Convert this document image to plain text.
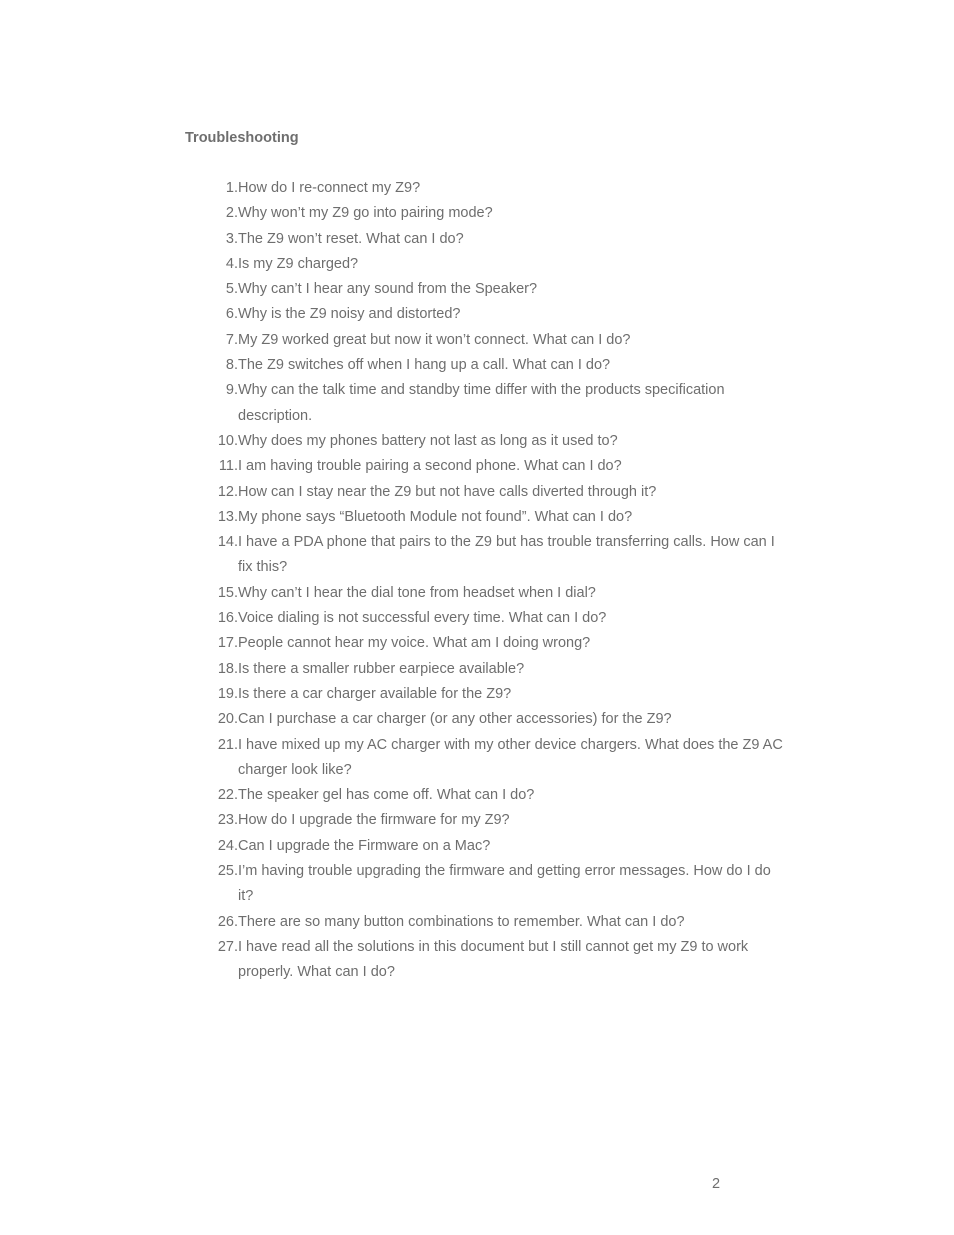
Troubleshooting
1. How do I re-connect my Z9?
2. Why won’t my Z9 go into pairing mode?
3. The Z9 won’t reset. What can I do?
4. Is my Z9 charged?
5. Why can’t I hear any sound from the Speaker?
6. Why is the Z9 noisy and distorted?
7. My Z9 worked great but now it won’t connect. What can I do?
8. The Z9 switches off when I hang up a call. What can I do?
9. Why can the talk time and standby time differ with the products specification description.
10. Why does my phones battery not last as long as it used to?
11. I am having trouble pairing a second phone. What can I do?
12. How can I stay near the Z9 but not have calls diverted through it?
13. My phone says “Bluetooth Module not found”. What can I do?
14. I have a PDA phone that pairs to the Z9 but has trouble transferring calls. How can I fix this?
15. Why can’t I hear the dial tone from headset when I dial?
16. Voice dialing is not successful every time. What can I do?
17. People cannot hear my voice. What am I doing wrong?
18. Is there a smaller rubber earpiece available?
19. Is there a car charger available for the Z9?
20. Can I purchase a car charger (or any other accessories) for the Z9?
21. I have mixed up my AC charger with my other device chargers. What does the Z9 AC charger look like?
22. The speaker gel has come off. What can I do?
23. How do I upgrade the firmware for my Z9?
24. Can I upgrade the Firmware on a Mac?
25. I’m having trouble upgrading the firmware and getting error messages. How do I do it?
26. There are so many button combinations to remember. What can I do?
27. I have read all the solutions in this document but I still cannot get my Z9 to work properly. What can I do?
2
